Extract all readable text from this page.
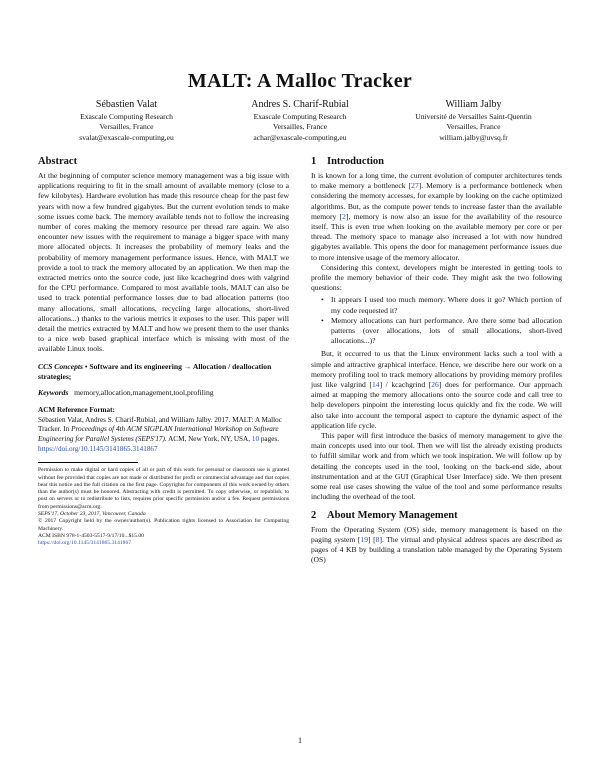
MALT: A Malloc Tracker
Sébastien Valat
Exascale Computing Research
Versailles, France
svalat@exascale-computing,eu
Andres S. Charif-Rubial
Exascale Computing Research
Versailles, France
achar@exascale-computing,eu
William Jalby
Université de Versailles Saint-Quentin
Versailles, France
william.jalby@uvsq.fr
Abstract

At the beginning of computer science memory management was a big issue with applications requiring to fit in the small amount of available memory (close to a few kilobytes). Hardware evolution has made this resource cheap for the past few years with now a few hundred gigabytes. But the current evolution tends to make some issues come back. The memory available tends not to follow the increasing number of cores making the memory resource per thread rare again. We also encounter new issues with the requirement to manage a bigger space with many more allocated objects. It increases the probability of memory leaks and the probability of memory management performance issues. Hence, with MALT we provide a tool to track the memory allocated by an application. We then map the extracted metrics onto the source code, just like kcachegrind does with valgrind for the CPU performance. Compared to most available tools, MALT can also be used to track potential performance losses due to bad allocation patterns (too many allocations, small allocations, recycling large allocations, short-lived allocations...) thanks to the various metrics it exposes to the user. This paper will detail the metrics extracted by MALT and how we present them to the user thanks to a nice web based graphical interface which is missing with most of the available Linux tools.

CCS Concepts • Software and its engineering → Allocation / deallocation strategies;

Keywords memory,allocation,management,tool,profiling

ACM Reference Format:

Sébastien Valat, Andres S. Charif-Rubial, and William Jalby. 2017. MALT: A Malloc Tracker. In Proceedings of 4th ACM SIGPLAN International Workshop on Software Engineering for Parallel Systems (SEPS'17). ACM, New York, NY, USA, 10 pages. https://doi.org/10.1145/3141865.3141867

Permission to make digital or hard copies of all or part of this work for personal or classroom use is granted without fee provided that copies are not made or distributed for profit or commercial advantage and that copies bear this notice and the full citation on the first page. Copyrights for components of this work owned by others than the author(s) must be honored. Abstracting with credit is permitted. To copy otherwise, or republish, to post on servers or to redistribute to lists, requires prior specific permission and/or a fee. Request permissions from permissions@acm.org.
SEPS'17, October 23, 2017, Vancouver, Canada
© 2017 Copyright held by the owner/author(s). Publication rights licensed to Association for Computing Machinery.
ACM ISBN 978-1-4503-5517-9/17/10...$15.00
https://doi.org/10.1145/3141865.3141867
1 Introduction

It is known for a long time, the current evolution of computer architectures tends to make memory a bottleneck [27]. Memory is a performance bottleneck when considering the memory accesses, for example by looking on the cache optimized algorithms. But, as the compute power tends to increase faster than the available memory [2], memory is now also an issue for the availability of the resource itself. This is even true when looking on the available memory per core or per thread. The memory space to manage also increased a lot with now hundred gigabytes available. This opens the door for management performance issues due to more intensive usage of the memory allocator.

Considering this context, developers might be interested in getting tools to profile the memory behavior of their code. They might ask the two following questions:

• It appears I used too much memory. Where does it go? Which portion of my code requested it?
• Memory allocations can hurt performance. Are there some bad allocation patterns (over allocations, lots of small allocations, short-lived allocations...)?

But, it occurred to us that the Linux environment lacks such a tool with a simple and attractive graphical interface. Hence, we describe here our work on a memory profiling tool to track memory allocations by providing memory profiles just like valgrind [14] / kcachgrind [26] does for performance. Our approach aimed at mapping the memory allocations onto the source code and call tree to help developers pinpoint the interesting locus quickly and fix the code. We will also take into account the temporal aspect to capture the dynamic aspect of the application life cycle.

This paper will first introduce the basics of memory management to give the main concepts used into our tool. Then we will list the already existing products to fulfill similar work and from which we took inspiration. We will follow up by detailing the concepts used in the tool, looking on the back-end side, about instrumentation and at the GUI (Graphical User Interface) side. We then present some real use cases showing the value of the tool and some performance results including the overhead of the tool.

2 About Memory Management

From the Operating System (OS) side, memory management is based on the paging system [19] [8]. The virtual and physical address spaces are described as pages of 4 KB by building a translation table managed by the Operating System (OS)

1
